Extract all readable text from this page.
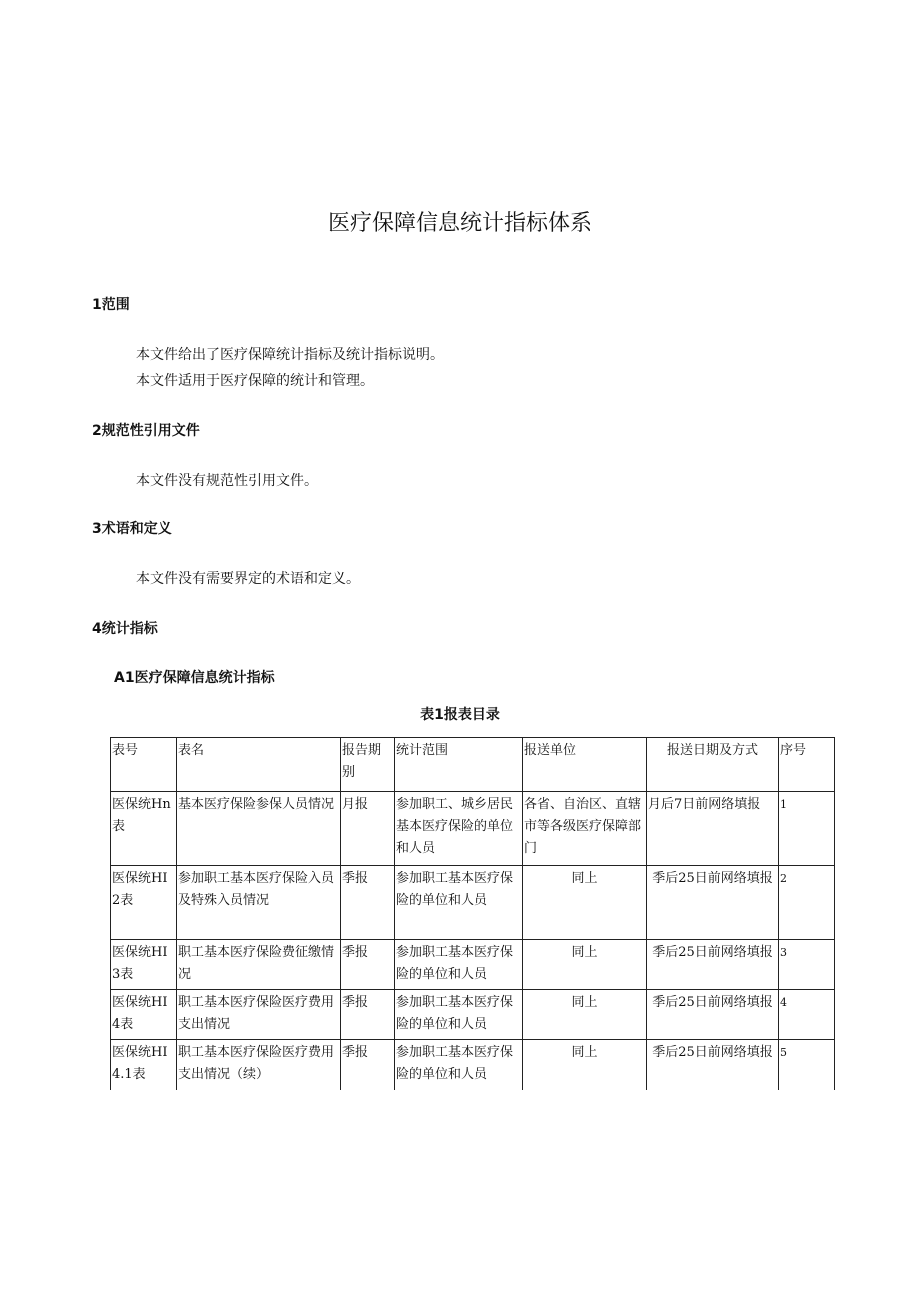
医疗保障信息统计指标体系
1范围
本文件给出了医疗保障统计指标及统计指标说明。
本文件适用于医疗保障的统计和管理。
2规范性引用文件
本文件没有规范性引用文件。
3术语和定义
本文件没有需要界定的术语和定义。
4统计指标
A1医疗保障信息统计指标
表1报表目录
表号	表名	报告期别	统计范围	报送单位	报送日期及方式	序号
医保统Hn表	基本医疗保险参保人员情况	月报	参加职工、城乡居民基本医疗保险的单位和人员	各省、自治区、直辖市等各级医疗保障部门	月后7日前网络填报	1
医保统HI2表	参加职工基本医疗保险入员及特殊入员情况	季报	参加职工基本医疗保险的单位和人员	同上	季后25日前网络填报	2
医保统HI3表	职工基本医疗保险费征缴情况	季报	参加职工基本医疗保险的单位和人员	同上	季后25日前网络填报	3
医保统HI4表	职工基本医疗保险医疗费用支出情况	季报	参加职工基本医疗保险的单位和人员	同上	季后25日前网络填报	4
医保统HI4.1表	职工基本医疗保险医疗费用支出情况（续）	季报	参加职工基本医疗保险的单位和人员	同上	季后25日前网络填报	5
